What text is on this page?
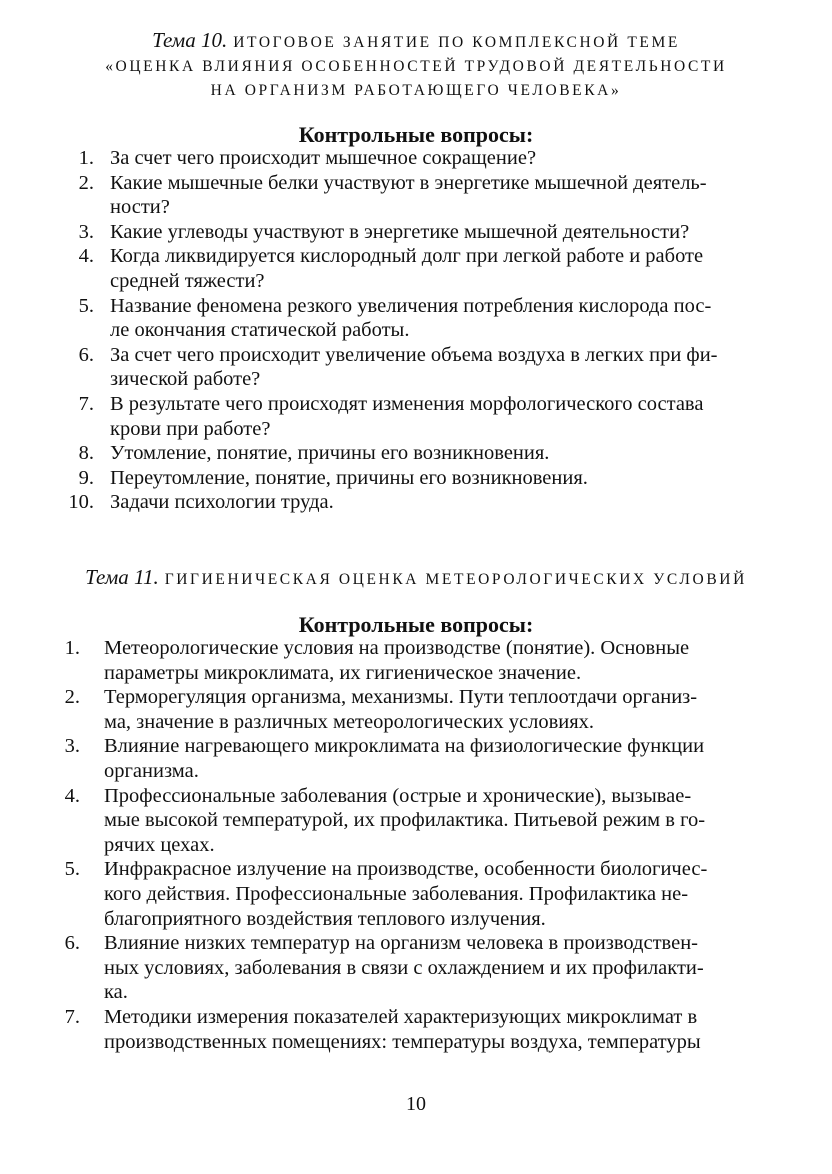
Тема 10. ИТОГОВОЕ ЗАНЯТИЕ ПО КОМПЛЕКСНОЙ ТЕМЕ
«ОЦЕНКА ВЛИЯНИЯ ОСОБЕННОСТЕЙ ТРУДОВОЙ ДЕЯТЕЛЬНОСТИ
НА ОРГАНИЗМ РАБОТАЮЩЕГО ЧЕЛОВЕКА»
Контрольные вопросы:
1. За счет чего происходит мышечное сокращение?
2. Какие мышечные белки участвуют в энергетике мышечной деятель-
ности?
3. Какие углеводы участвуют в энергетике мышечной деятельности?
4. Когда ликвидируется кислородный долг при легкой работе и работе
средней тяжести?
5. Название феномена резкого увеличения потребления кислорода пос-
ле окончания статической работы.
6. За счет чего происходит увеличение объема воздуха в легких при фи-
зической работе?
7. В результате чего происходят изменения морфологического состава
крови при работе?
8. Утомление, понятие, причины его возникновения.
9. Переутомление, понятие, причины его возникновения.
10. Задачи психологии труда.
Тема 11. ГИГИЕНИЧЕСКАЯ ОЦЕНКА МЕТЕОРОЛОГИЧЕСКИХ УСЛОВИЙ
Контрольные вопросы:
1. Метеорологические условия на производстве (понятие). Основные
параметры микроклимата, их гигиеническое значение.
2. Терморегуляция организма, механизмы. Пути теплоотдачи организ-
ма, значение в различных метеорологических условиях.
3. Влияние нагревающего микроклимата на физиологические функции
организма.
4. Профессиональные заболевания (острые и хронические), вызывае-
мые высокой температурой, их профилактика. Питьевой режим в го-
рячих цехах.
5. Инфракрасное излучение на производстве, особенности биологичес-
кого действия. Профессиональные заболевания. Профилактика не-
благоприятного воздействия теплового излучения.
6. Влияние низких температур на организм человека в производствен-
ных условиях, заболевания в связи с охлаждением и их профилакти-
ка.
7. Методики измерения показателей характеризующих микроклимат в
производственных помещениях: температуры воздуха, температуры
10
